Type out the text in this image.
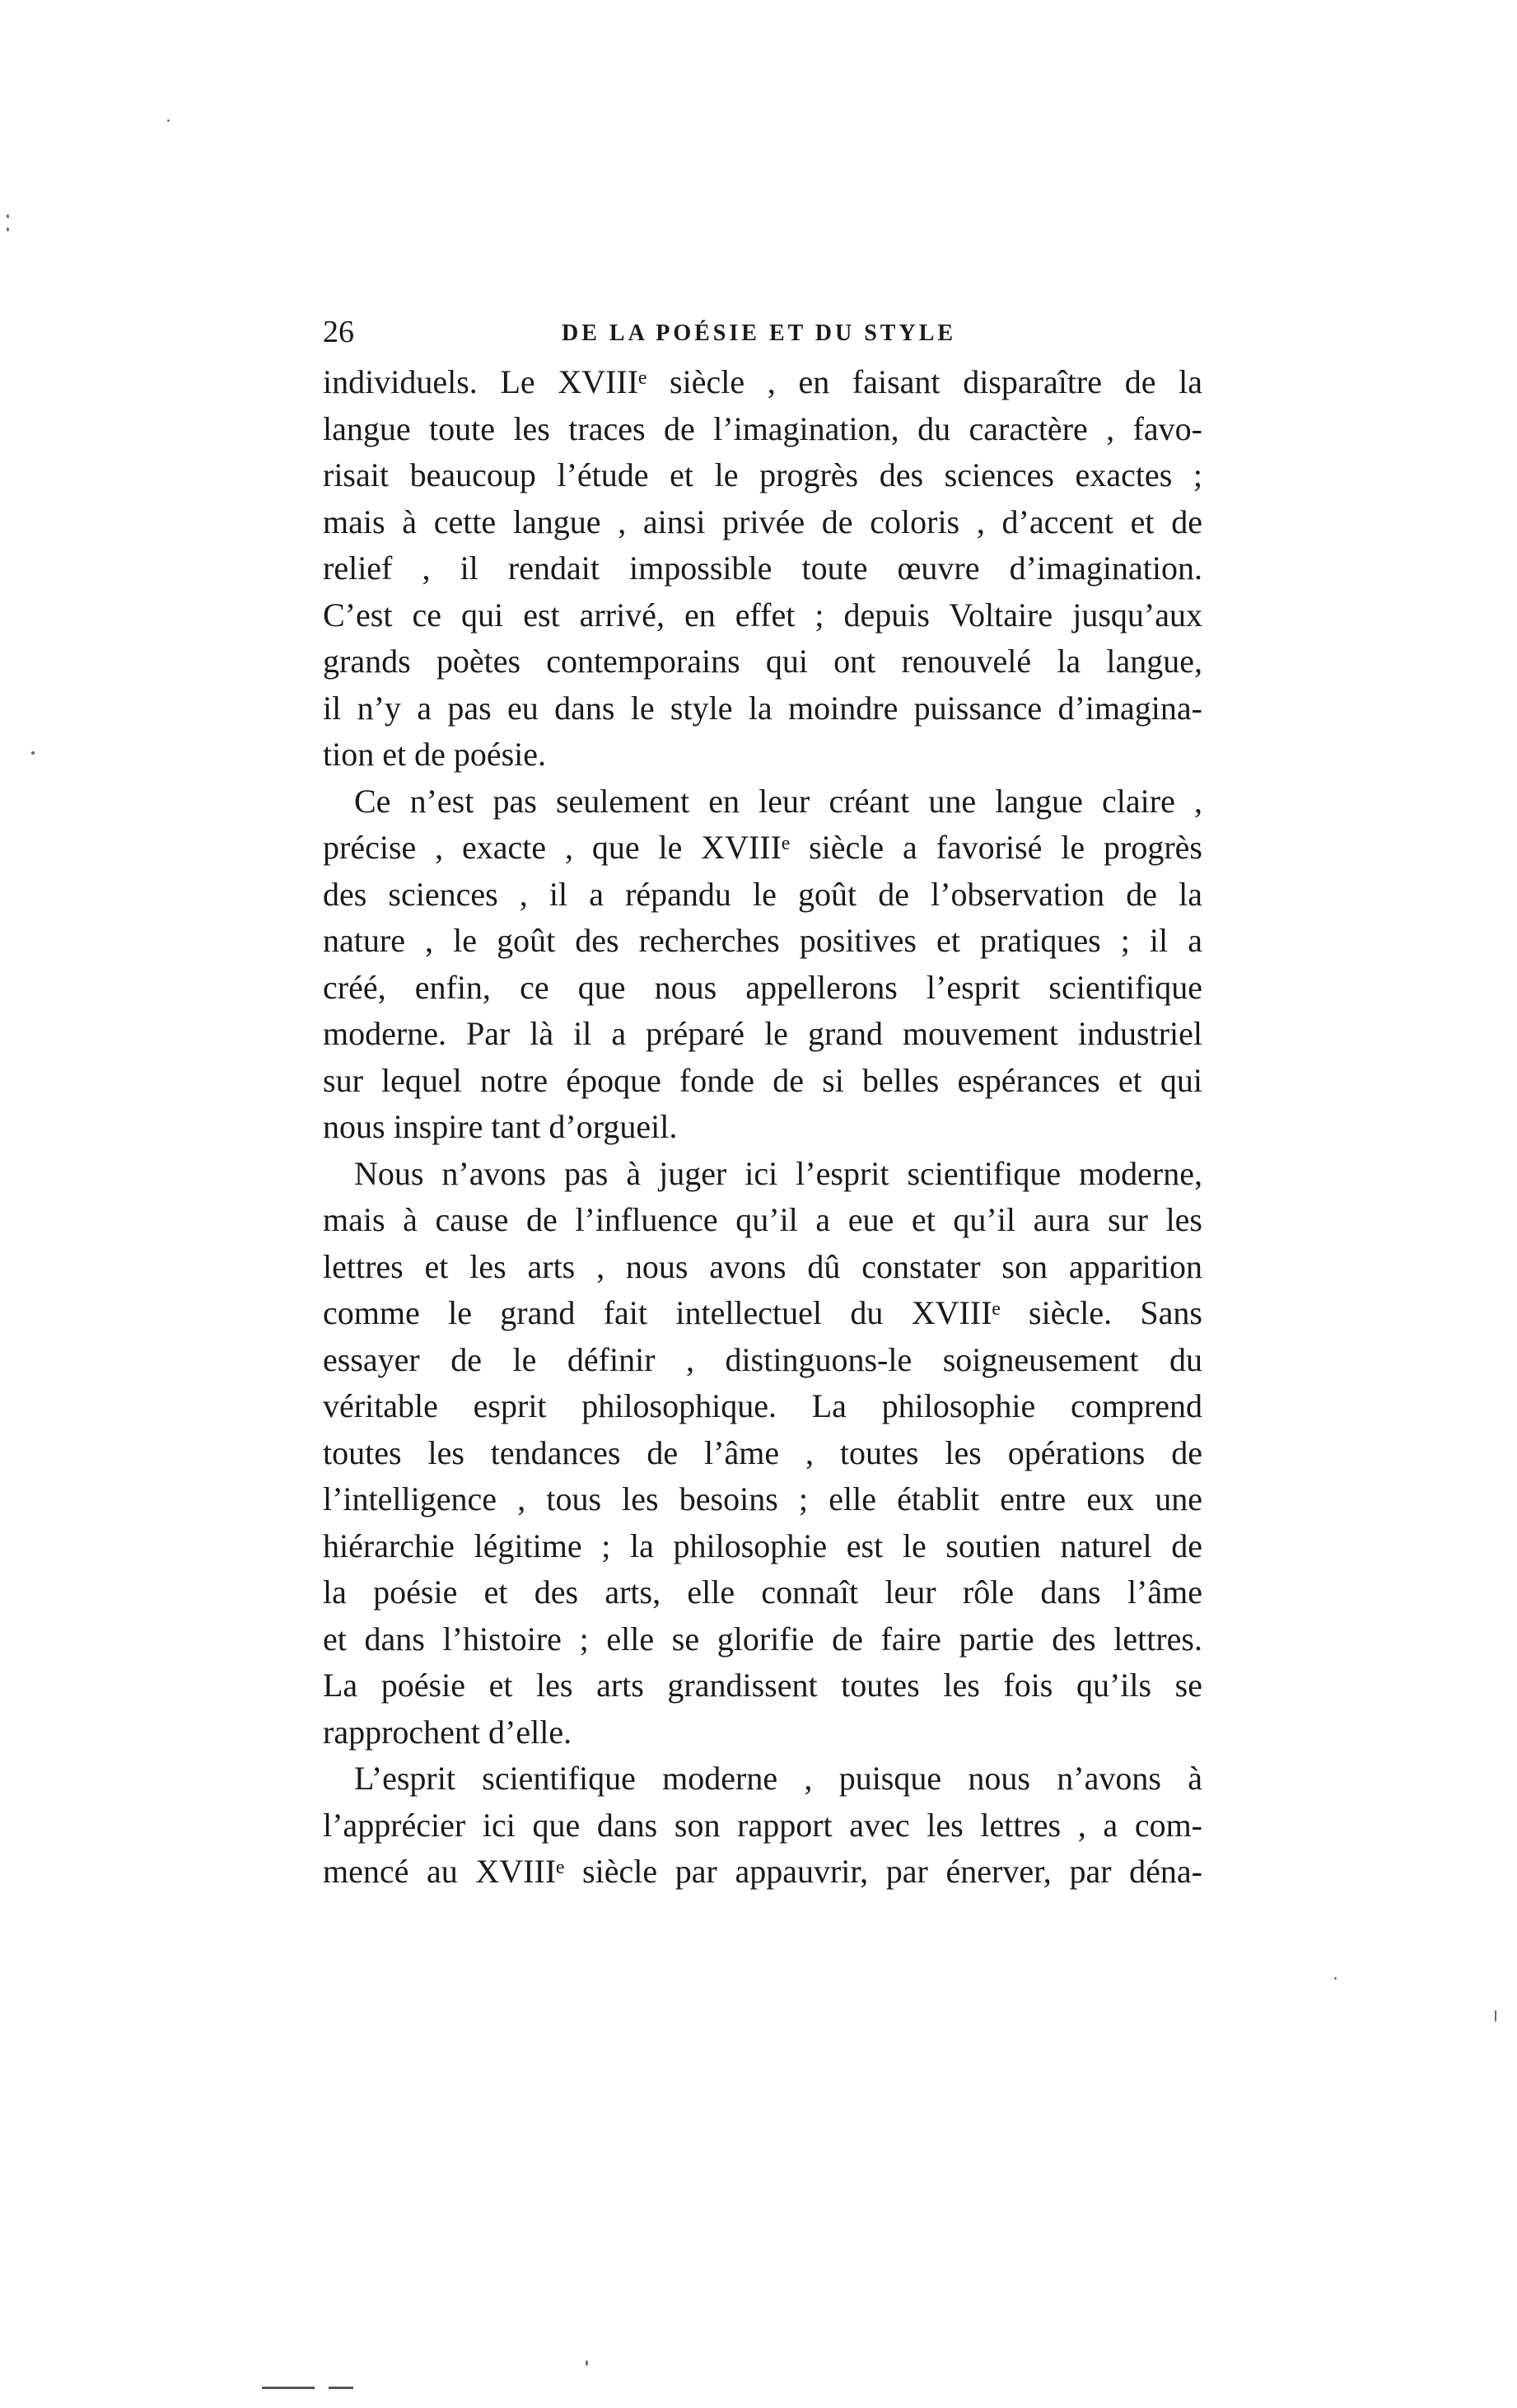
26	DE LA POÉSIE ET DU STYLE
individuels. Le XVIIIᵉ siècle , en faisant disparaître de la
langue toute les traces de l’imagination, du caractère , favo-
risait beaucoup l’étude et le progrès des sciences exactes ;
mais à cette langue , ainsi privée de coloris , d’accent et de
relief , il rendait impossible toute œuvre d’imagination.
C’est ce qui est arrivé, en effet ; depuis Voltaire jusqu’aux
grands poètes contemporains qui ont renouvelé la langue,
il n’y a pas eu dans le style la moindre puissance d’imagina-
tion et de poésie.
Ce n’est pas seulement en leur créant une langue claire ,
précise , exacte , que le XVIIIᵉ siècle a favorisé le progrès
des sciences , il a répandu le goût de l’observation de la
nature , le goût des recherches positives et pratiques ; il a
créé, enfin, ce que nous appellerons l’esprit scientifique
moderne. Par là il a préparé le grand mouvement industriel
sur lequel notre époque fonde de si belles espérances et qui
nous inspire tant d’orgueil.
Nous n’avons pas à juger ici l’esprit scientifique moderne,
mais à cause de l’influence qu’il a eue et qu’il aura sur les
lettres et les arts , nous avons dû constater son apparition
comme le grand fait intellectuel du XVIIIᵉ siècle. Sans
essayer de le définir , distinguons-le soigneusement du
véritable esprit philosophique. La philosophie comprend
toutes les tendances de l’âme , toutes les opérations de
l’intelligence , tous les besoins ; elle établit entre eux une
hiérarchie légitime ; la philosophie est le soutien naturel de
la poésie et des arts, elle connaît leur rôle dans l’âme
et dans l’histoire ; elle se glorifie de faire partie des lettres.
La poésie et les arts grandissent toutes les fois qu’ils se
rapprochent d’elle.
L’esprit scientifique moderne , puisque nous n’avons à
l’apprécier ici que dans son rapport avec les lettres , a com-
mencé au XVIIIᵉ siècle par appauvrir, par énerver, par déna-
